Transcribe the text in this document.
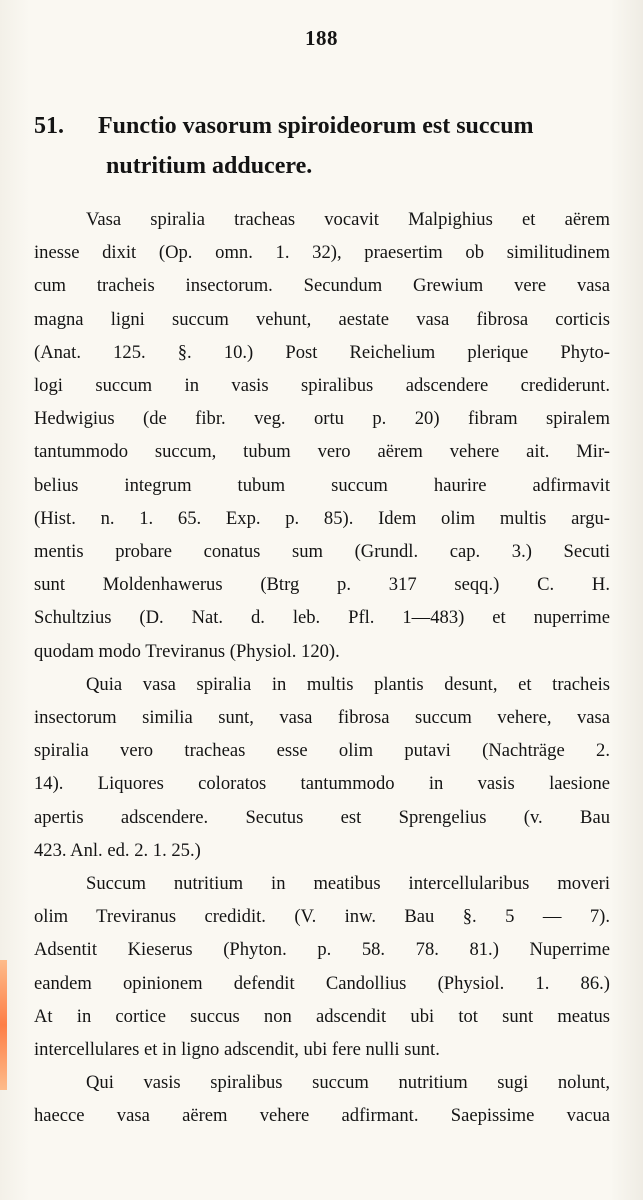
188
51. Functio vasorum spiroideorum est succum
nutritium adducere.

Vasa spiralia tracheas vocavit Malpighius et aërem
inesse dixit (Op. omn. 1. 32), praesertim ob similitudinem
cum tracheis insectorum. Secundum Grewium vere vasa
magna ligni succum vehunt, aestate vasa fibrosa corticis
(Anat. 125. §. 10.) Post Reichelium plerique Phyto-
logi succum in vasis spiralibus adscendere crediderunt.
Hedwigius (de fibr. veg. ortu p. 20) fibram spiralem
tantummodo succum, tubum vero aërem vehere ait. Mir-
belius integrum tubum succum haurire adfirmavit
(Hist. n. 1. 65. Exp. p. 85). Idem olim multis argu-
mentis probare conatus sum (Grundl. cap. 3.) Secuti
sunt Moldenhawerus (Btrg p. 317 seqq.) C. H.
Schultzius (D. Nat. d. leb. Pfl. 1—483) et nuperrime
quodam modo Treviranus (Physiol. 120).

Quia vasa spiralia in multis plantis desunt, et tracheis
insectorum similia sunt, vasa fibrosa succum vehere, vasa
spiralia vero tracheas esse olim putavi (Nachträge 2.
14). Liquores coloratos tantummodo in vasis laesione
apertis adscendere. Secutus est Sprengelius (v. Bau
423. Anl. ed. 2. 1. 25.)

Succum nutritium in meatibus intercellularibus moveri
olim Treviranus credidit. (V. inw. Bau §. 5 — 7).
Adsentit Kieserus (Phyton. p. 58. 78. 81.) Nuperrime
eandem opinionem defendit Candollius (Physiol. 1. 86.)
At in cortice succus non adscendit ubi tot sunt meatus
intercellulares et in ligno adscendit, ubi fere nulli sunt.

Qui vasis spiralibus succum nutritium sugi nolunt,
haecce vasa aërem vehere adfirmant. Saepissime vacua
